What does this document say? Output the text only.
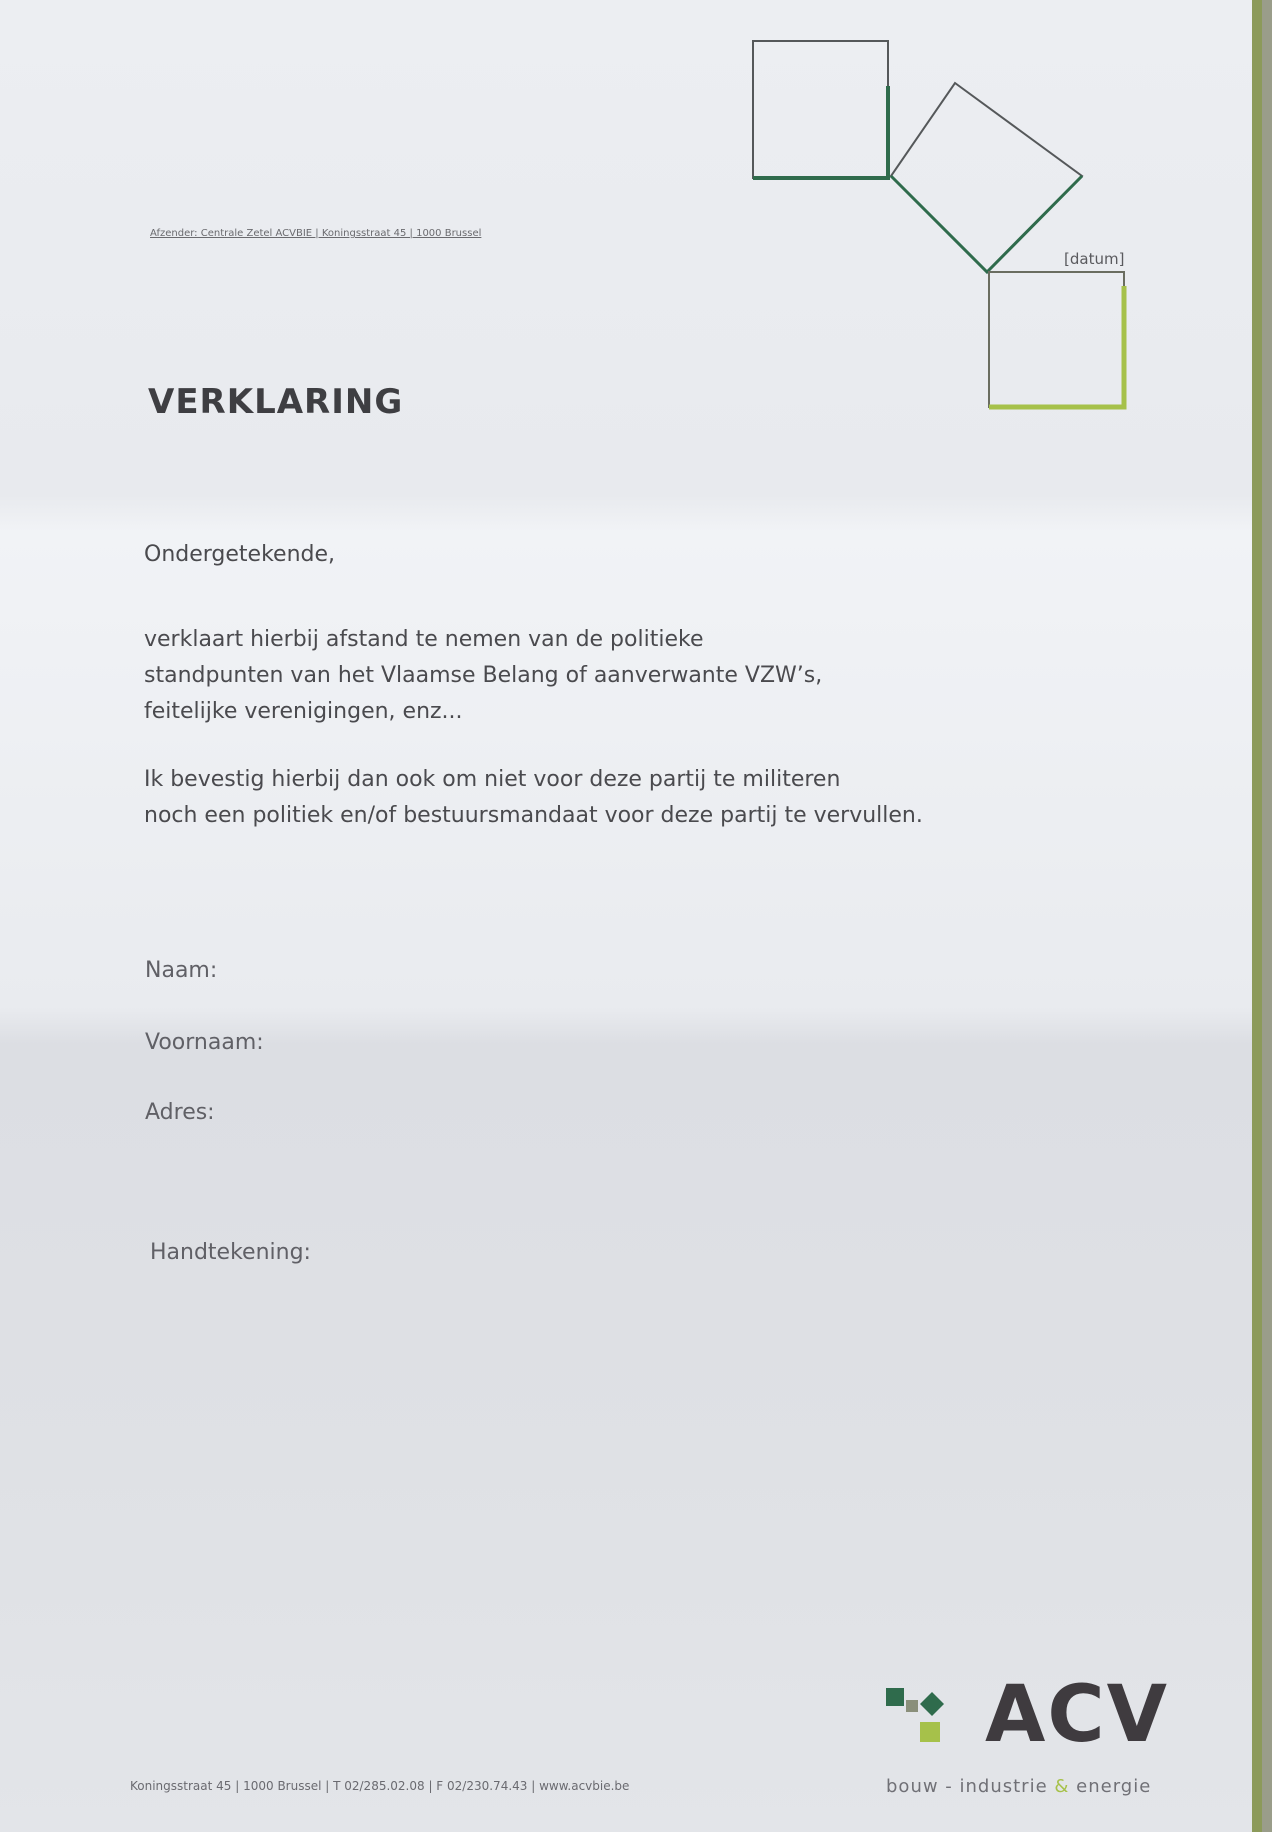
Afzender: Centrale Zetel ACVBIE | Koningsstraat 45 | 1000 Brussel
[datum]
VERKLARING
Ondergetekende,
verklaart hierbij afstand te nemen van de politieke
standpunten van het Vlaamse Belang of aanverwante VZW’s,
feitelijke verenigingen, enz...
Ik bevestig hierbij dan ook om niet voor deze partij te militeren
noch een politiek en/of bestuursmandaat voor deze partij te vervullen.
Naam:
Voornaam:
Adres:
Handtekening:
Koningsstraat 45 | 1000 Brussel | T 02/285.02.08 | F 02/230.74.43 | www.acvbie.be
ACV
bouw - industrie & energie
